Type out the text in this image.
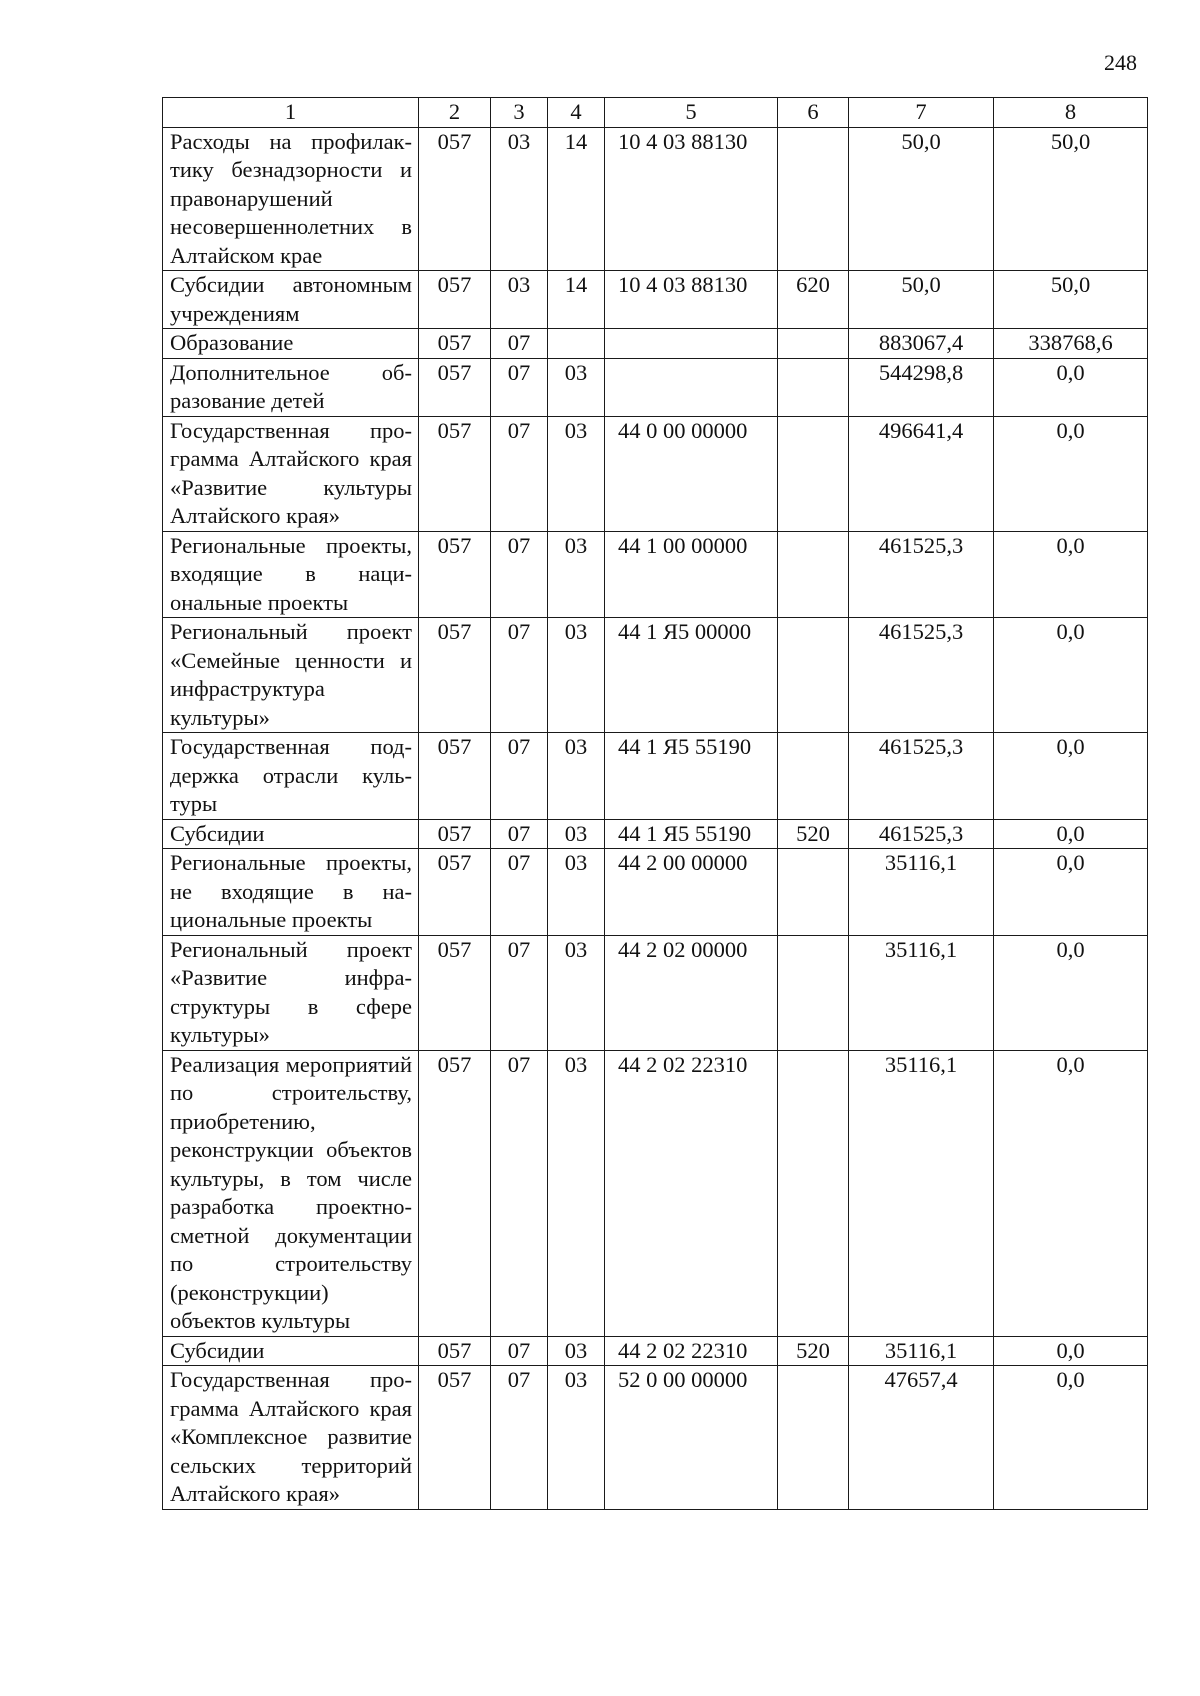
248
1	2	3	4	5	6	7	8
Расходы на профилактику безнадзорности и правонарушений несовершеннолетних в Алтайском крае	057	03	14	10 4 03 88130		50,0	50,0
Субсидии автономным учреждениям	057	03	14	10 4 03 88130	620	50,0	50,0
Образование	057	07				883067,4	338768,6
Дополнительное образование детей	057	07	03			544298,8	0,0
Государственная программа Алтайского края «Развитие культуры Алтайского края»	057	07	03	44 0 00 00000		496641,4	0,0
Региональные проекты, входящие в национальные проекты	057	07	03	44 1 00 00000		461525,3	0,0
Региональный проект «Семейные ценности и инфраструктура культуры»	057	07	03	44 1 Я5 00000		461525,3	0,0
Государственная поддержка отрасли культуры	057	07	03	44 1 Я5 55190		461525,3	0,0
Субсидии	057	07	03	44 1 Я5 55190	520	461525,3	0,0
Региональные проекты, не входящие в национальные проекты	057	07	03	44 2 00 00000		35116,1	0,0
Региональный проект «Развитие инфраструктуры в сфере культуры»	057	07	03	44 2 02 00000		35116,1	0,0
Реализация мероприятий по строительству, приобретению, реконструкции объектов культуры, в том числе разработка проектно-сметной документации по строительству (реконструкции) объектов культуры	057	07	03	44 2 02 22310		35116,1	0,0
Субсидии	057	07	03	44 2 02 22310	520	35116,1	0,0
Государственная программа Алтайского края «Комплексное развитие сельских территорий Алтайского края»	057	07	03	52 0 00 00000		47657,4	0,0
